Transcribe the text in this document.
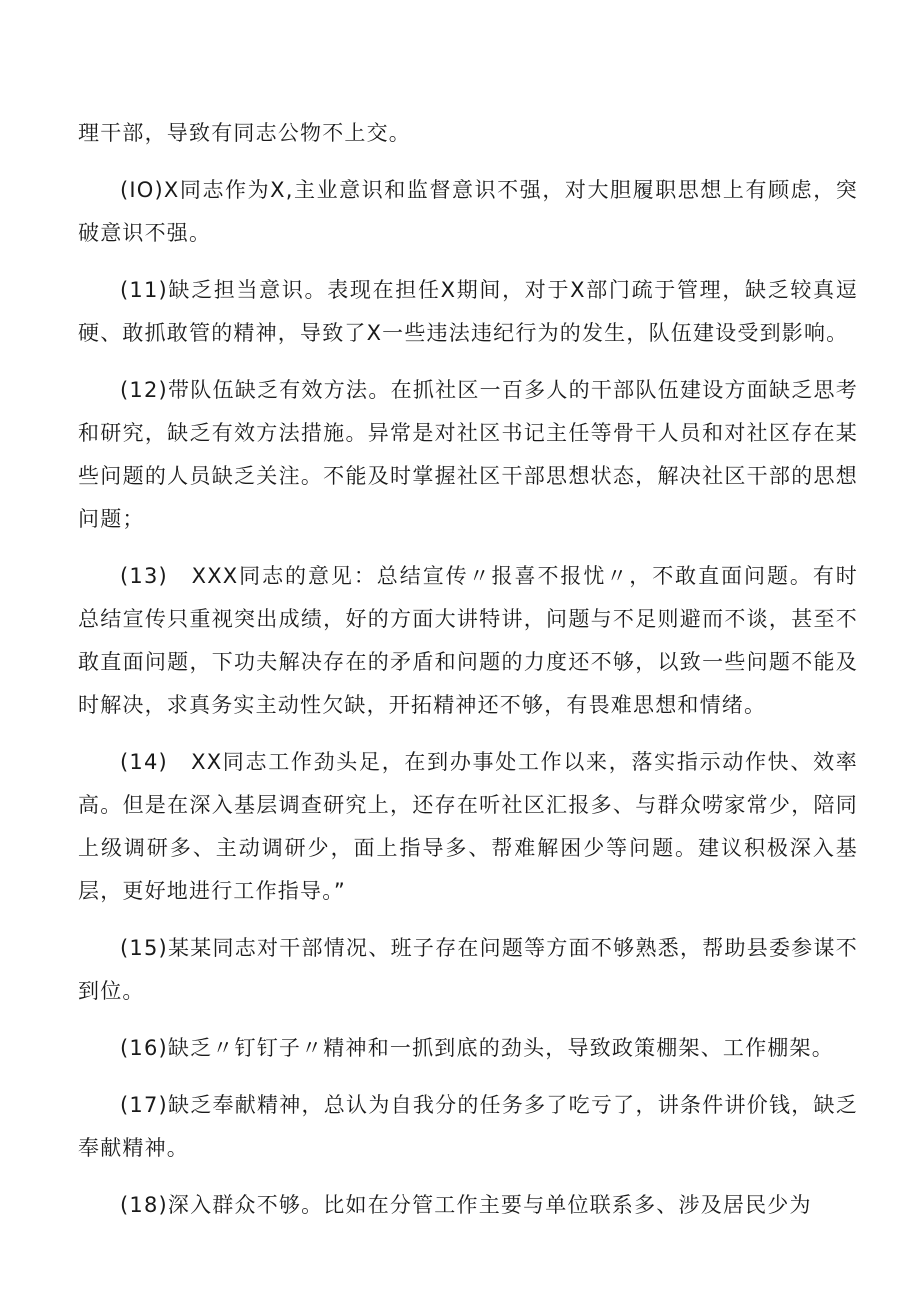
理干部，导致有同志公物不上交。

(IO)X同志作为X,主业意识和监督意识不强，对大胆履职思想上有顾虑，突破意识不强。

(11)缺乏担当意识。表现在担任X期间，对于X部门疏于管理，缺乏较真逗硬、敢抓敢管的精神，导致了X一些违法违纪行为的发生，队伍建设受到影响。

(12)带队伍缺乏有效方法。在抓社区一百多人的干部队伍建设方面缺乏思考和研究，缺乏有效方法措施。异常是对社区书记主任等骨干人员和对社区存在某些问题的人员缺乏关注。不能及时掌握社区干部思想状态，解决社区干部的思想问题；

(13)　XXX同志的意见：总结宣传〃报喜不报忧〃，不敢直面问题。有时总结宣传只重视突出成绩，好的方面大讲特讲，问题与不足则避而不谈，甚至不敢直面问题，下功夫解决存在的矛盾和问题的力度还不够，以致一些问题不能及时解决，求真务实主动性欠缺，开拓精神还不够，有畏难思想和情绪。

(14)　XX同志工作劲头足，在到办事处工作以来，落实指示动作快、效率高。但是在深入基层调查研究上，还存在听社区汇报多、与群众唠家常少，陪同上级调研多、主动调研少，面上指导多、帮难解困少等问题。建议积极深入基层，更好地进行工作指导。”

(15)某某同志对干部情况、班子存在问题等方面不够熟悉，帮助县委参谋不到位。

(16)缺乏〃钉钉子〃精神和一抓到底的劲头，导致政策棚架、工作棚架。

(17)缺乏奉献精神，总认为自我分的任务多了吃亏了，讲条件讲价钱，缺乏奉献精神。

(18)深入群众不够。比如在分管工作主要与单位联系多、涉及居民少为
